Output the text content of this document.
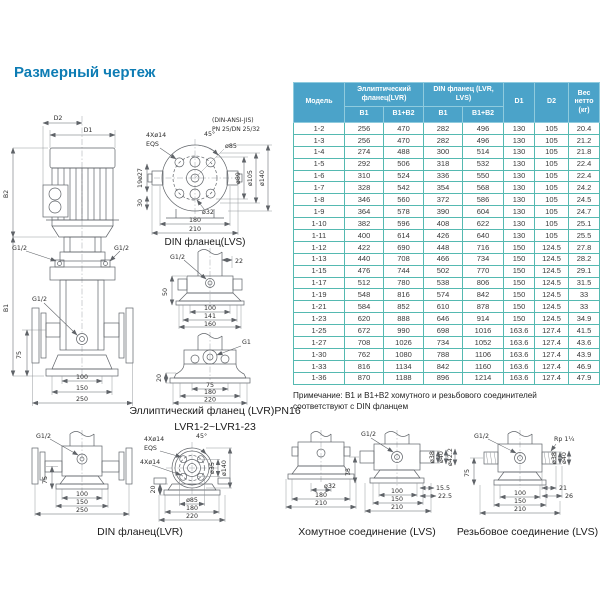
Размерный чертеж
D2
D1
B2
B1
G1/2	G1/2
G1/2
75
100
150
250
(DIN-ANSI-JIS)
PN 25/DN 25/32
4Xø14
EQS
45°
ø85
19ø27
30
ø89 ø105 ø140
ø32
180
210
DIN фланец(LVS)
G1/2
22
50
100
141
160
G1
20
75
180
220
Эллиптический фланец (LVR)PN16
LVR1-2~LVR1-23
G1/2
75
100
150
250
45°
4Xø14
EQS
4Xø14	ø35 ø140
20
ø85
180
220
DIN фланец(LVR)
ø32
180
210
G1/2
75
ø38 ø40 ø42.2
15.5
22.5
100
150
210
Хомутное соединение (LVS)
G1/2	Rp 1¼
75
ø38 ø40
21
26
100
150
210
Резьбовое соединение (LVS)
Модель	Эллиптический фланец(LVR)		DIN фланец (LVR, LVS)		D1	D2	Вес нетто (кг)
	B1	B1+B2	B1	B1+B2			
1-2	256	470	282	496	130	105	20.4
1-3	256	470	282	496	130	105	21.2
1-4	274	488	300	514	130	105	21.8
1-5	292	506	318	532	130	105	22.4
1-6	310	524	336	550	130	105	22.4
1-7	328	542	354	568	130	105	24.2
1-8	346	560	372	586	130	105	24.5
1-9	364	578	390	604	130	105	24.7
1-10	382	596	408	622	130	105	25.1
1-11	400	614	426	640	130	105	25.5
1-12	422	690	448	716	150	124.5	27.8
1-13	440	708	466	734	150	124.5	28.2
1-15	476	744	502	770	150	124.5	29.1
1-17	512	780	538	806	150	124.5	31.5
1-19	548	816	574	842	150	124.5	33
1-21	584	852	610	878	150	124.5	33
1-23	620	888	646	914	150	124.5	34.9
1-25	672	990	698	1016	163.6	127.4	41.5
1-27	708	1026	734	1052	163.6	127.4	43.6
1-30	762	1080	788	1106	163.6	127.4	43.9
1-33	816	1134	842	1160	163.6	127.4	46.9
1-36	870	1188	896	1214	163.6	127.4	47.9
Примечание: B1 и B1+B2 хомутного и резьбового соединителей
соответствуют с DIN фланцем
